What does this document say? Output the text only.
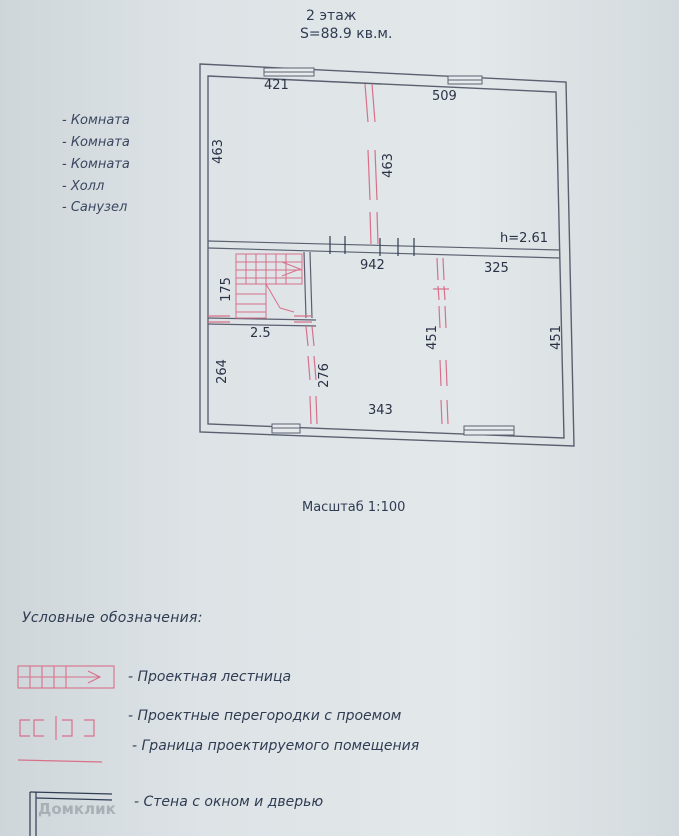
2 этаж
S=88.9 кв.м.
- Комната
- Комната
- Комната
- Холл
- Санузел
421
509
463
463
h=2.61
942	325
175
2.5	451	451
264	276
343
Масштаб 1:100
Условные обозначения:
- Проектная лестница
- Проектные перегородки с проемом
- Граница проектируемого помещения
- Стена с окном и дверью
Домклик
